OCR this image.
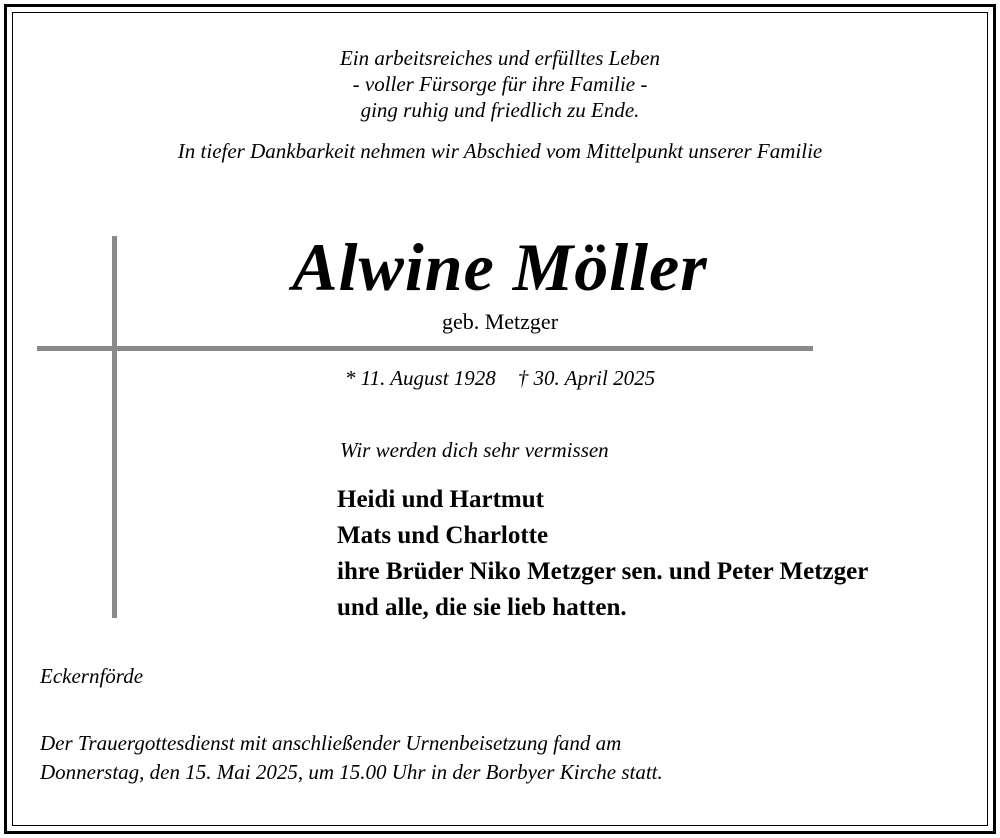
Ein arbeitsreiches und erfülltes Leben
- voller Fürsorge für ihre Familie -
ging ruhig und friedlich zu Ende.
In tiefer Dankbarkeit nehmen wir Abschied vom Mittelpunkt unserer Familie
Alwine Möller
geb. Metzger
* 11. August 1928 † 30. April 2025
Wir werden dich sehr vermissen
Heidi und Hartmut
Mats und Charlotte
ihre Brüder Niko Metzger sen. und Peter Metzger
und alle, die sie lieb hatten.
Eckernförde
Der Trauergottesdienst mit anschließender Urnenbeisetzung fand am
Donnerstag, den 15. Mai 2025, um 15.00 Uhr in der Borbyer Kirche statt.
